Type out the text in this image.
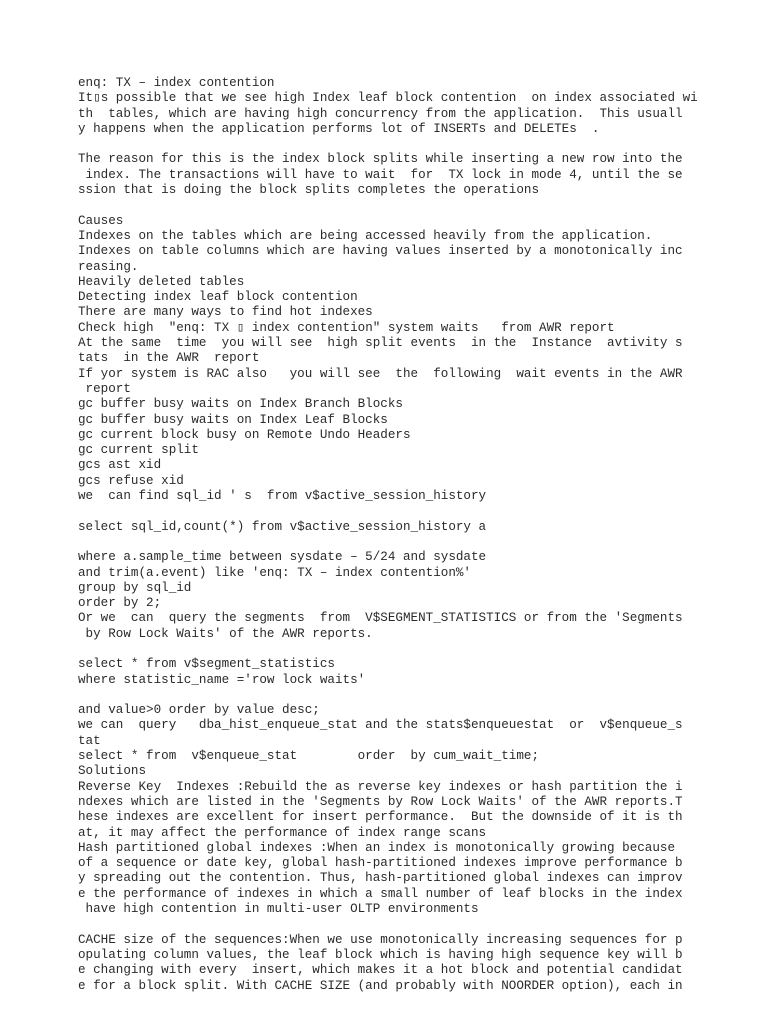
enq: TX – index contention
It▯s possible that we see high Index leaf block contention  on index associated wi
th  tables, which are having high concurrency from the application.  This usuall
y happens when the application performs lot of INSERTs and DELETEs  .
The reason for this is the index block splits while inserting a new row into the
index. The transactions will have to wait  for  TX lock in mode 4, until the se
ssion that is doing the block splits completes the operations
Causes
Indexes on the tables which are being accessed heavily from the application.
Indexes on table columns which are having values inserted by a monotonically inc
reasing.
Heavily deleted tables
Detecting index leaf block contention
There are many ways to find hot indexes
Check high  "enq: TX ▯ index contention" system waits   from AWR report
At the same  time  you will see  high split events  in the  Instance  avtivity s
tats  in the AWR  report
If yor system is RAC also   you will see  the  following  wait events in the AWR
report
gc buffer busy waits on Index Branch Blocks
gc buffer busy waits on Index Leaf Blocks
gc current block busy on Remote Undo Headers
gc current split
gcs ast xid
gcs refuse xid
we  can find sql_id ' s  from v$active_session_history
select sql_id,count(*) from v$active_session_history a
where a.sample_time between sysdate – 5/24 and sysdate
and trim(a.event) like 'enq: TX – index contention%'
group by sql_id
order by 2;
Or we  can  query the segments  from  V$SEGMENT_STATISTICS or from the 'Segments
by Row Lock Waits' of the AWR reports.
select * from v$segment_statistics
where statistic_name ='row lock waits'
and value>0 order by value desc;
we can  query   dba_hist_enqueue_stat and the stats$enqueuestat  or  v$enqueue_s
tat
select * from  v$enqueue_stat        order  by cum_wait_time;
Solutions
Reverse Key  Indexes :Rebuild the as reverse key indexes or hash partition the i
ndexes which are listed in the 'Segments by Row Lock Waits' of the AWR reports.T
hese indexes are excellent for insert performance.  But the downside of it is th
at, it may affect the performance of index range scans
Hash partitioned global indexes :When an index is monotonically growing because
of a sequence or date key, global hash-partitioned indexes improve performance b
y spreading out the contention. Thus, hash-partitioned global indexes can improv
e the performance of indexes in which a small number of leaf blocks in the index
have high contention in multi-user OLTP environments
CACHE size of the sequences:When we use monotonically increasing sequences for p
opulating column values, the leaf block which is having high sequence key will b
e changing with every  insert, which makes it a hot block and potential candidat
e for a block split. With CACHE SIZE (and probably with NOORDER option), each in
